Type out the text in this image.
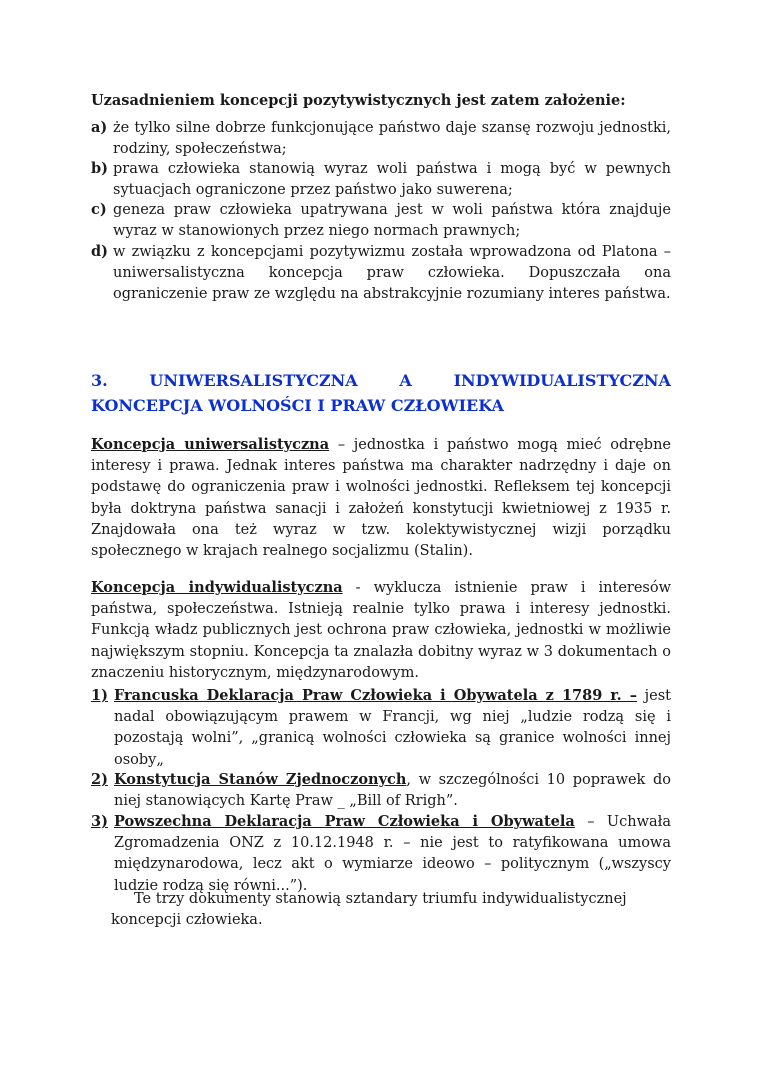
Uzasadnieniem koncepcji pozytywistycznych jest zatem założenie:
a) że tylko silne dobrze funkcjonujące państwo daje szansę rozwoju jednostki, rodziny, społeczeństwa;
b) prawa człowieka stanowią wyraz woli państwa i mogą być w pewnych sytuacjach ograniczone przez państwo jako suwerena;
c) geneza praw człowieka upatrywana jest w woli państwa która znajduje wyraz w stanowionych przez niego normach prawnych;
d) w związku z koncepcjami pozytywizmu została wprowadzona od Platona – uniwersalistyczna koncepcja praw człowieka. Dopuszczała ona ograniczenie praw ze względu na abstrakcyjnie rozumiany interes państwa.
3.	UNIWERSALISTYCZNA	A	INDYWIDUALISTYCZNA
KONCEPCJA WOLNOŚCI I PRAW CZŁOWIEKA
Koncepcja uniwersalistyczna – jednostka i państwo mogą mieć odrębne interesy i prawa. Jednak interes państwa ma charakter nadrzędny i daje on podstawę do ograniczenia praw i wolności jednostki. Refleksem tej koncepcji była doktryna państwa sanacji i założeń konstytucji kwietniowej z 1935 r. Znajdowała ona też wyraz w tzw. kolektywistycznej wizji porządku społecznego w krajach realnego socjalizmu (Stalin).
Koncepcja indywidualistyczna - wyklucza istnienie praw i interesów państwa, społeczeństwa. Istnieją realnie tylko prawa i interesy jednostki. Funkcją władz publicznych jest ochrona praw człowieka, jednostki w możliwie największym stopniu. Koncepcja ta znalazła dobitny wyraz w 3 dokumentach o znaczeniu historycznym, międzynarodowym.
1) Francuska Deklaracja Praw Człowieka i Obywatela z 1789 r. – jest nadal obowiązującym prawem w Francji, wg niej „ludzie rodzą się i pozostają wolni”, „granicą wolności człowieka są granice wolności innej osoby„
2) Konstytucja Stanów Zjednoczonych, w szczególności 10 poprawek do niej stanowiących Kartę Praw _ „Bill of Rrigh”.
3) Powszechna Deklaracja Praw Człowieka i Obywatela – Uchwała Zgromadzenia ONZ z 10.12.1948 r. – nie jest to ratyfikowana umowa międzynarodowa, lecz akt o wymiarze ideowo – politycznym („wszyscy ludzie rodzą się równi...”).
Te trzy dokumenty stanowią sztandary triumfu indywidualistycznej
koncepcji człowieka.
